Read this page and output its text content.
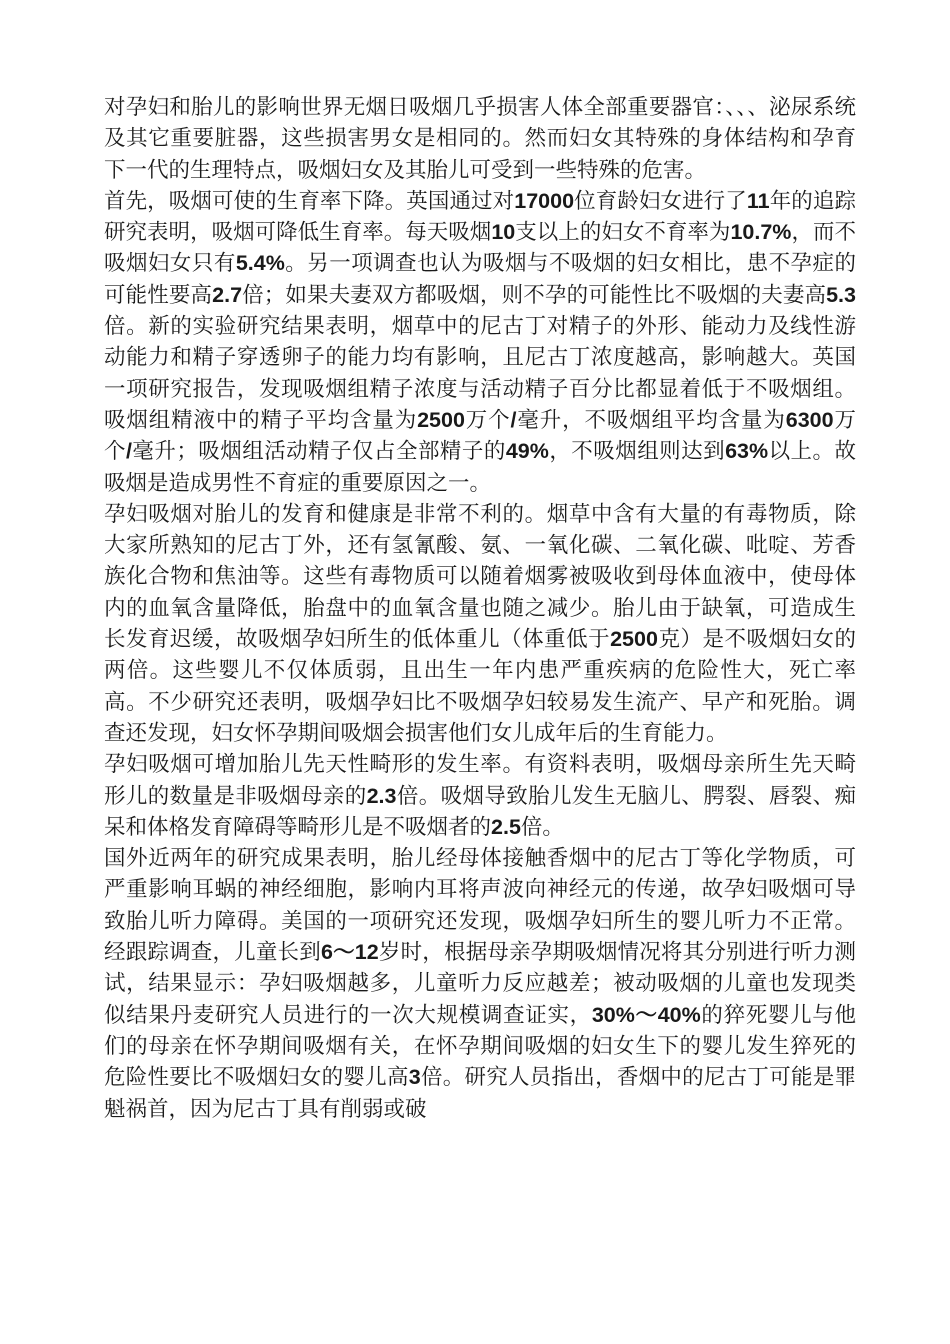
对孕妇和胎儿的影响世界无烟日吸烟几乎损害人体全部重要器官：、、、泌尿系统及其它重要脏器，这些损害男女是相同的。然而妇女其特殊的身体结构和孕育下一代的生理特点，吸烟妇女及其胎儿可受到一些特殊的危害。

首先，吸烟可使的生育率下降。英国通过对17000位育龄妇女进行了11年的追踪研究表明，吸烟可降低生育率。每天吸烟10支以上的妇女不育率为10.7%，而不吸烟妇女只有5.4%。另一项调查也认为吸烟与不吸烟的妇女相比，患不孕症的可能性要高2.7倍；如果夫妻双方都吸烟，则不孕的可能性比不吸烟的夫妻高5.3倍。新的实验研究结果表明，烟草中的尼古丁对精子的外形、能动力及线性游动能力和精子穿透卵子的能力均有影响，且尼古丁浓度越高，影响越大。英国一项研究报告，发现吸烟组精子浓度与活动精子百分比都显着低于不吸烟组。吸烟组精液中的精子平均含量为2500万个/毫升，不吸烟组平均含量为6300万个/毫升；吸烟组活动精子仅占全部精子的49%，不吸烟组则达到63%以上。故吸烟是造成男性不育症的重要原因之一。

孕妇吸烟对胎儿的发育和健康是非常不利的。烟草中含有大量的有毒物质，除大家所熟知的尼古丁外，还有氢氰酸、氨、一氧化碳、二氧化碳、吡啶、芳香族化合物和焦油等。这些有毒物质可以随着烟雾被吸收到母体血液中，使母体内的血氧含量降低，胎盘中的血氧含量也随之减少。胎儿由于缺氧，可造成生长发育迟缓，故吸烟孕妇所生的低体重儿（体重低于2500克）是不吸烟妇女的两倍。这些婴儿不仅体质弱，且出生一年内患严重疾病的危险性大，死亡率高。不少研究还表明，吸烟孕妇比不吸烟孕妇较易发生流产、早产和死胎。调查还发现，妇女怀孕期间吸烟会损害他们女儿成年后的生育能力。

孕妇吸烟可增加胎儿先天性畸形的发生率。有资料表明，吸烟母亲所生先天畸形儿的数量是非吸烟母亲的2.3倍。吸烟导致胎儿发生无脑儿、腭裂、唇裂、痴呆和体格发育障碍等畸形儿是不吸烟者的2.5倍。

国外近两年的研究成果表明，胎儿经母体接触香烟中的尼古丁等化学物质，可严重影响耳蜗的神经细胞，影响内耳将声波向神经元的传递，故孕妇吸烟可导致胎儿听力障碍。美国的一项研究还发现，吸烟孕妇所生的婴儿听力不正常。经跟踪调查，儿童长到6〜12岁时，根据母亲孕期吸烟情况将其分别进行听力测试，结果显示：孕妇吸烟越多，儿童听力反应越差；被动吸烟的儿童也发现类似结果丹麦研究人员进行的一次大规模调查证实，30%〜40%的猝死婴儿与他们的母亲在怀孕期间吸烟有关，在怀孕期间吸烟的妇女生下的婴儿发生猝死的危险性要比不吸烟妇女的婴儿高3倍。研究人员指出，香烟中的尼古丁可能是罪魁祸首，因为尼古丁具有削弱或破
